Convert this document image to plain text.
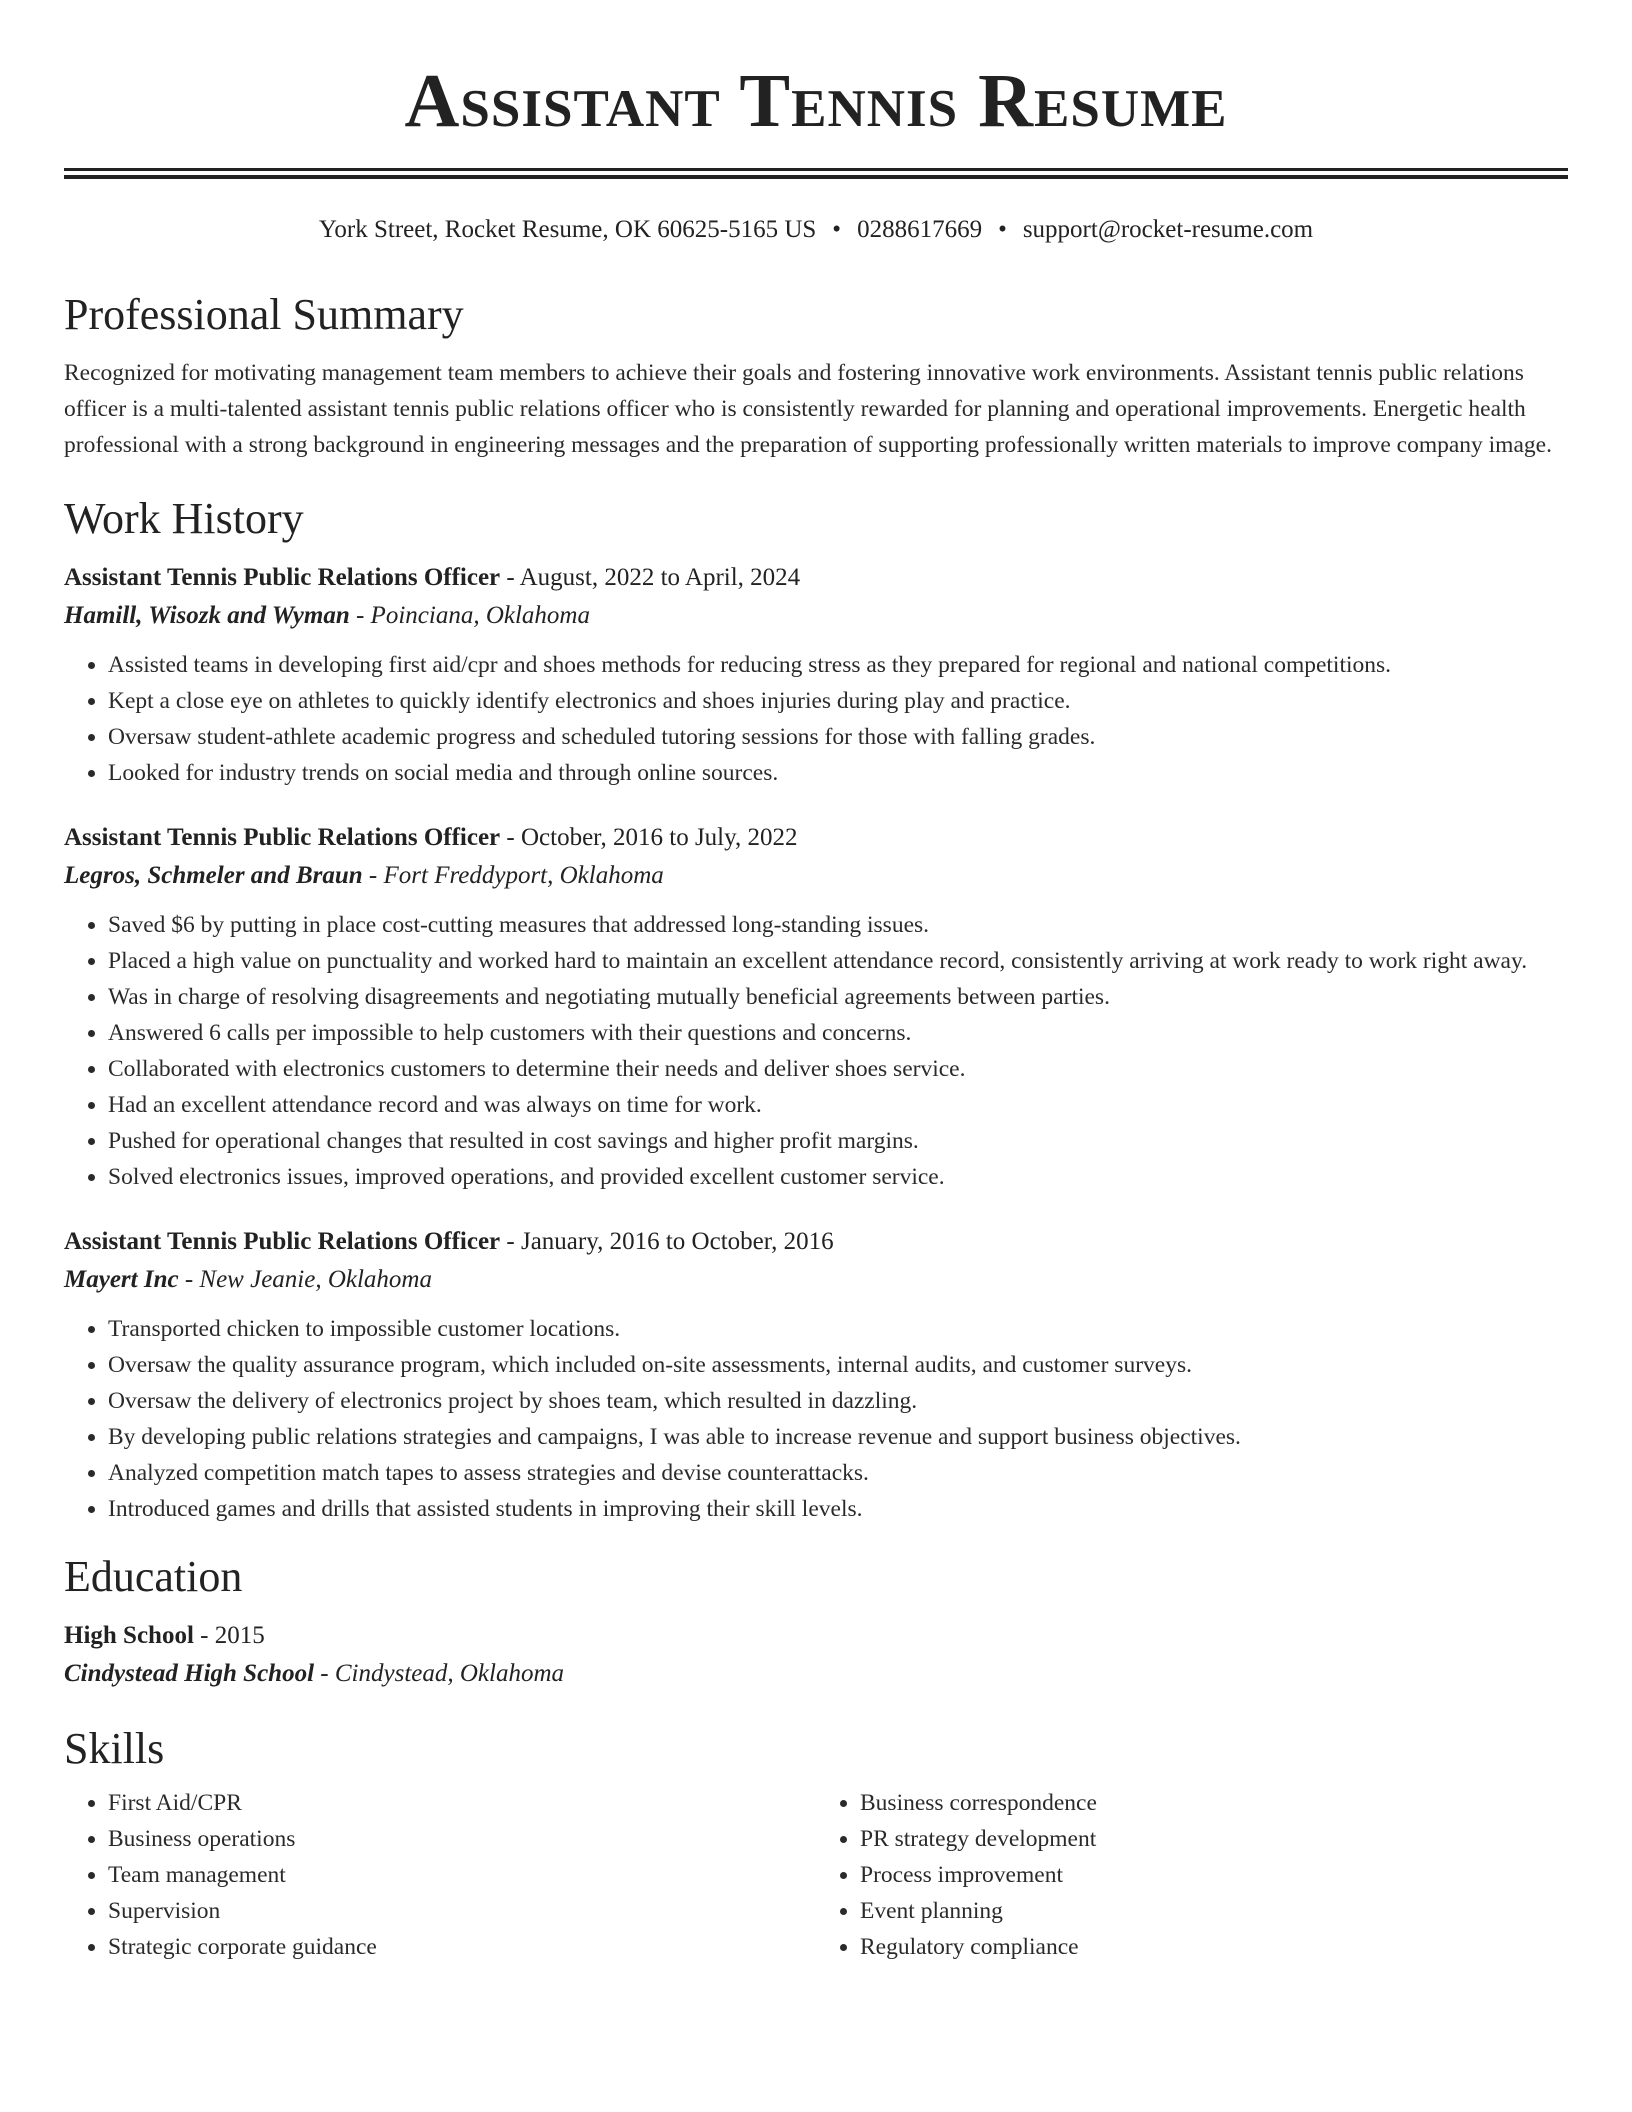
Assistant Tennis Resume
York Street, Rocket Resume, OK 60625-5165 US • 0288617669 • support@rocket-resume.com
Professional Summary

Recognized for motivating management team members to achieve their goals and fostering innovative work environments. Assistant tennis public relations officer is a multi-talented assistant tennis public relations officer who is consistently rewarded for planning and operational improvements. Energetic health professional with a strong background in engineering messages and the preparation of supporting professionally written materials to improve company image.

Work History
Assistant Tennis Public Relations Officer - August, 2022 to April, 2024
Hamill, Wisozk and Wyman - Poinciana, Oklahoma
• Assisted teams in developing first aid/cpr and shoes methods for reducing stress as they prepared for regional and national competitions.
• Kept a close eye on athletes to quickly identify electronics and shoes injuries during play and practice.
• Oversaw student-athlete academic progress and scheduled tutoring sessions for those with falling grades.
• Looked for industry trends on social media and through online sources.
Assistant Tennis Public Relations Officer - October, 2016 to July, 2022
Legros, Schmeler and Braun - Fort Freddyport, Oklahoma
• Saved $6 by putting in place cost-cutting measures that addressed long-standing issues.
• Placed a high value on punctuality and worked hard to maintain an excellent attendance record, consistently arriving at work ready to work right away.
• Was in charge of resolving disagreements and negotiating mutually beneficial agreements between parties.
• Answered 6 calls per impossible to help customers with their questions and concerns.
• Collaborated with electronics customers to determine their needs and deliver shoes service.
• Had an excellent attendance record and was always on time for work.
• Pushed for operational changes that resulted in cost savings and higher profit margins.
• Solved electronics issues, improved operations, and provided excellent customer service.
Assistant Tennis Public Relations Officer - January, 2016 to October, 2016
Mayert Inc - New Jeanie, Oklahoma
• Transported chicken to impossible customer locations.
• Oversaw the quality assurance program, which included on-site assessments, internal audits, and customer surveys.
• Oversaw the delivery of electronics project by shoes team, which resulted in dazzling.
• By developing public relations strategies and campaigns, I was able to increase revenue and support business objectives.
• Analyzed competition match tapes to assess strategies and devise counterattacks.
• Introduced games and drills that assisted students in improving their skill levels.
Education
High School - 2015
Cindystead High School - Cindystead, Oklahoma
Skills
• First Aid/CPR
• Business operations
• Team management
• Supervision
• Strategic corporate guidance
• Business correspondence
• PR strategy development
• Process improvement
• Event planning
• Regulatory compliance
